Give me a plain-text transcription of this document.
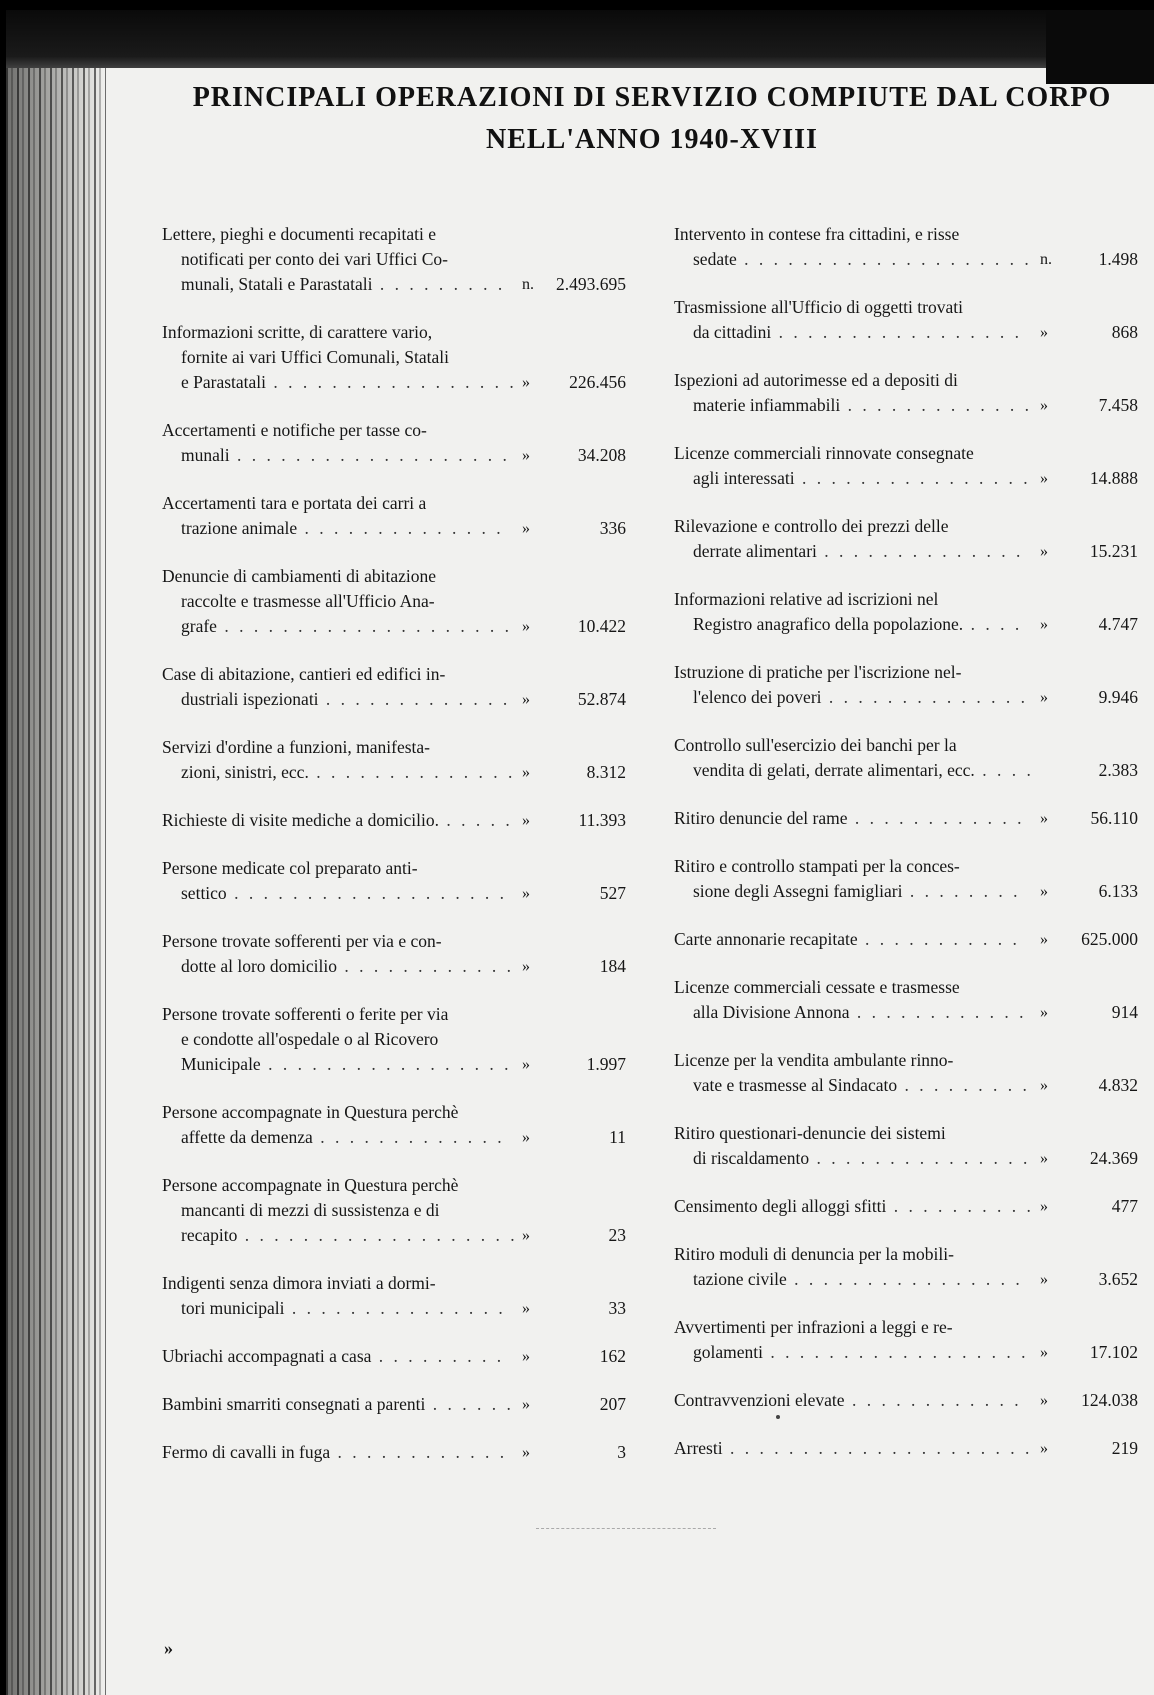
PRINCIPALI OPERAZIONI DI SERVIZIO COMPIUTE DAL CORPO
NELL'ANNO 1940-XVIII
Lettere, pieghi e documenti recapitati e
notificati per conto dei vari Uffici Co-
munali, Statali e Parastatali . . . . . . . . .	n.	2.493.695
Informazioni scritte, di carattere vario,
fornite ai vari Uffici Comunali, Statali
e Parastatali . . . . . . . . . . . . . . . . . »	226.456
Accertamenti e notifiche per tasse co-
munali . . . . . . . . . . . . . . . . . . . »	34.208
Accertamenti tara e portata dei carri a
trazione animale . . . . . . . . . . . . . .	»	336
Denuncie di cambiamenti di abitazione
raccolte e trasmesse all'Ufficio Ana-
grafe . . . . . . . . . . . . . . . . . . . . »	10.422
Case di abitazione, cantieri ed edifici in-
dustriali ispezionati . . . . . . . . . . . . . »	52.874
Servizi d'ordine a funzioni, manifesta-
zioni, sinistri, ecc. . . . . . . . . . . . . . . »	8.312
Richieste di visite mediche a domicilio. . . . . . »	11.393
Persone medicate col preparato anti-
settico . . . . . . . . . . . . . . . . . . . »	527
Persone trovate sofferenti per via e con-
dotte al loro domicilio . . . . . . . . . . . . »	184
Persone trovate sofferenti o ferite per via
e condotte all'ospedale o al Ricovero
Municipale . . . . . . . . . . . . . . . . . »	1.997
Persone accompagnate in Questura perchè
affette da demenza . . . . . . . . . . . . .	»	11
Persone accompagnate in Questura perchè
mancanti di mezzi di sussistenza e di
recapito . . . . . . . . . . . . . . . . . . . »	23
Indigenti senza dimora inviati a dormi-
tori municipali . . . . . . . . . . . . . . .	»	33
Ubriachi accompagnati a casa . . . . . . . . .	»	162
Bambini smarriti consegnati a parenti . . . . . . »	207
Fermo di cavalli in fuga . . . . . . . . . . . . »	3
Intervento in contese fra cittadini, e risse
sedate . . . . . . . . . . . . . . . . . . . . n.	1.498
Trasmissione all'Ufficio di oggetti trovati
da cittadini . . . . . . . . . . . . . . . . .	»	868
Ispezioni ad autorimesse ed a depositi di
materie infiammabili . . . . . . . . . . . . . »	7.458
Licenze commerciali rinnovate consegnate
agli interessati . . . . . . . . . . . . . . . . »	14.888
Rilevazione e controllo dei prezzi delle
derrate alimentari . . . . . . . . . . . . . .	»	15.231
Informazioni relative ad iscrizioni nel
Registro anagrafico della popolazione. . . . .	»	4.747
Istruzione di pratiche per l'iscrizione nel-
l'elenco dei poveri . . . . . . . . . . . . . . »	9.946
Controllo sull'esercizio dei banchi per la
vendita di gelati, derrate alimentari, ecc. . . . .	2.383
Ritiro denuncie del rame . . . . . . . . . . . . »	56.110
Ritiro e controllo stampati per la conces-
sione degli Assegni famigliari . . . . . . . .	»	6.133
Carte annonarie recapitate . . . . . . . . . . .	»	625.000
Licenze commerciali cessate e trasmesse
alla Divisione Annona . . . . . . . . . . . . »	914
Licenze per la vendita ambulante rinno-
vate e trasmesse al Sindacato . . . . . . . . . »	4.832
Ritiro questionari-denuncie dei sistemi
di riscaldamento . . . . . . . . . . . . . . . »	24.369
Censimento degli alloggi sfitti . . . . . . . . . . »	477
Ritiro moduli di denuncia per la mobili-
tazione civile . . . . . . . . . . . . . . . .	»	3.652
Avvertimenti per infrazioni a leggi e re-
golamenti . . . . . . . . . . . . . . . . . . »	17.102
Contravvenzioni elevate . . . . . . . . . . . .	»	124.038
Arresti . . . . . . . . . . . . . . . . . . . . . »	219
»
